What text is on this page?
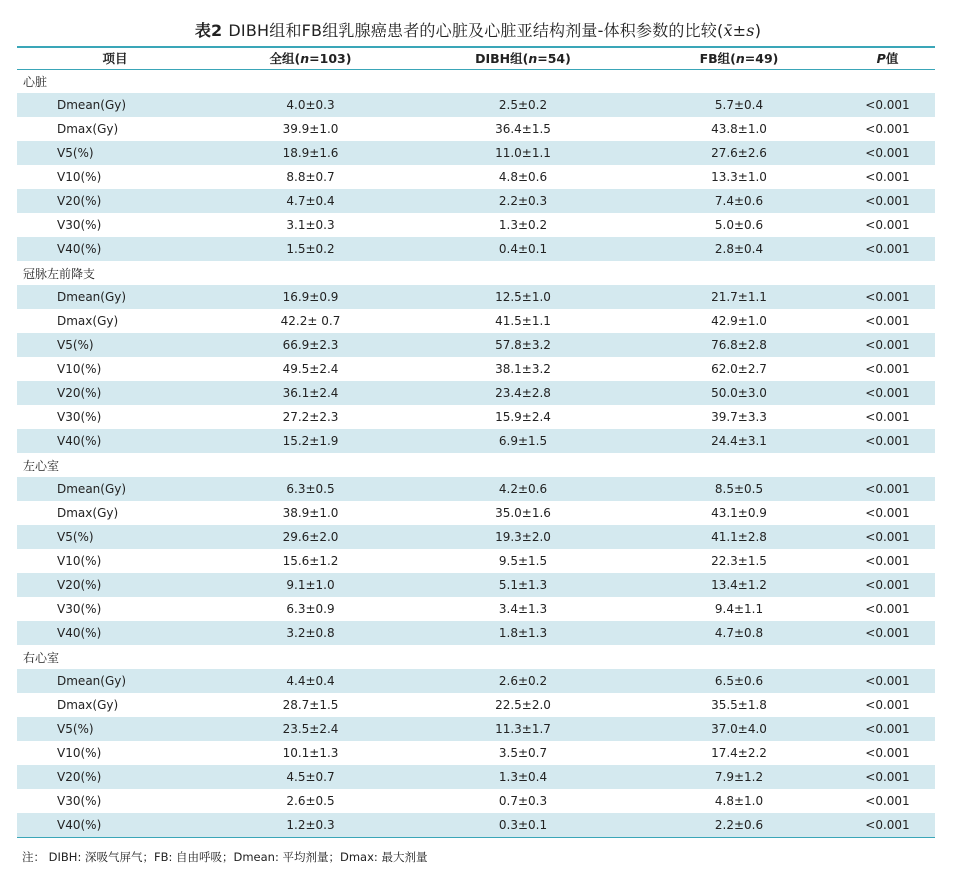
表2 DIBH组和FB组乳腺癌患者的心脏及心脏亚结构剂量-体积参数的比较(x̄±s)
项目	全组(n=103)	DIBH组(n=54)	FB组(n=49)	P值
心脏				
Dmean(Gy)	4.0±0.3	2.5±0.2	5.7±0.4	<0.001
Dmax(Gy)	39.9±1.0	36.4±1.5	43.8±1.0	<0.001
V5(%)	18.9±1.6	11.0±1.1	27.6±2.6	<0.001
V10(%)	8.8±0.7	4.8±0.6	13.3±1.0	<0.001
V20(%)	4.7±0.4	2.2±0.3	7.4±0.6	<0.001
V30(%)	3.1±0.3	1.3±0.2	5.0±0.6	<0.001
V40(%)	1.5±0.2	0.4±0.1	2.8±0.4	<0.001
冠脉左前降支				
Dmean(Gy)	16.9±0.9	12.5±1.0	21.7±1.1	<0.001
Dmax(Gy)	42.2± 0.7	41.5±1.1	42.9±1.0	<0.001
V5(%)	66.9±2.3	57.8±3.2	76.8±2.8	<0.001
V10(%)	49.5±2.4	38.1±3.2	62.0±2.7	<0.001
V20(%)	36.1±2.4	23.4±2.8	50.0±3.0	<0.001
V30(%)	27.2±2.3	15.9±2.4	39.7±3.3	<0.001
V40(%)	15.2±1.9	6.9±1.5	24.4±3.1	<0.001
左心室				
Dmean(Gy)	6.3±0.5	4.2±0.6	8.5±0.5	<0.001
Dmax(Gy)	38.9±1.0	35.0±1.6	43.1±0.9	<0.001
V5(%)	29.6±2.0	19.3±2.0	41.1±2.8	<0.001
V10(%)	15.6±1.2	9.5±1.5	22.3±1.5	<0.001
V20(%)	9.1±1.0	5.1±1.3	13.4±1.2	<0.001
V30(%)	6.3±0.9	3.4±1.3	9.4±1.1	<0.001
V40(%)	3.2±0.8	1.8±1.3	4.7±0.8	<0.001
右心室				
Dmean(Gy)	4.4±0.4	2.6±0.2	6.5±0.6	<0.001
Dmax(Gy)	28.7±1.5	22.5±2.0	35.5±1.8	<0.001
V5(%)	23.5±2.4	11.3±1.7	37.0±4.0	<0.001
V10(%)	10.1±1.3	3.5±0.7	17.4±2.2	<0.001
V20(%)	4.5±0.7	1.3±0.4	7.9±1.2	<0.001
V30(%)	2.6±0.5	0.7±0.3	4.8±1.0	<0.001
V40(%)	1.2±0.3	0.3±0.1	2.2±0.6	<0.001
注： DIBH: 深吸气屏气；FB: 自由呼吸；Dmean: 平均剂量；Dmax: 最大剂量
